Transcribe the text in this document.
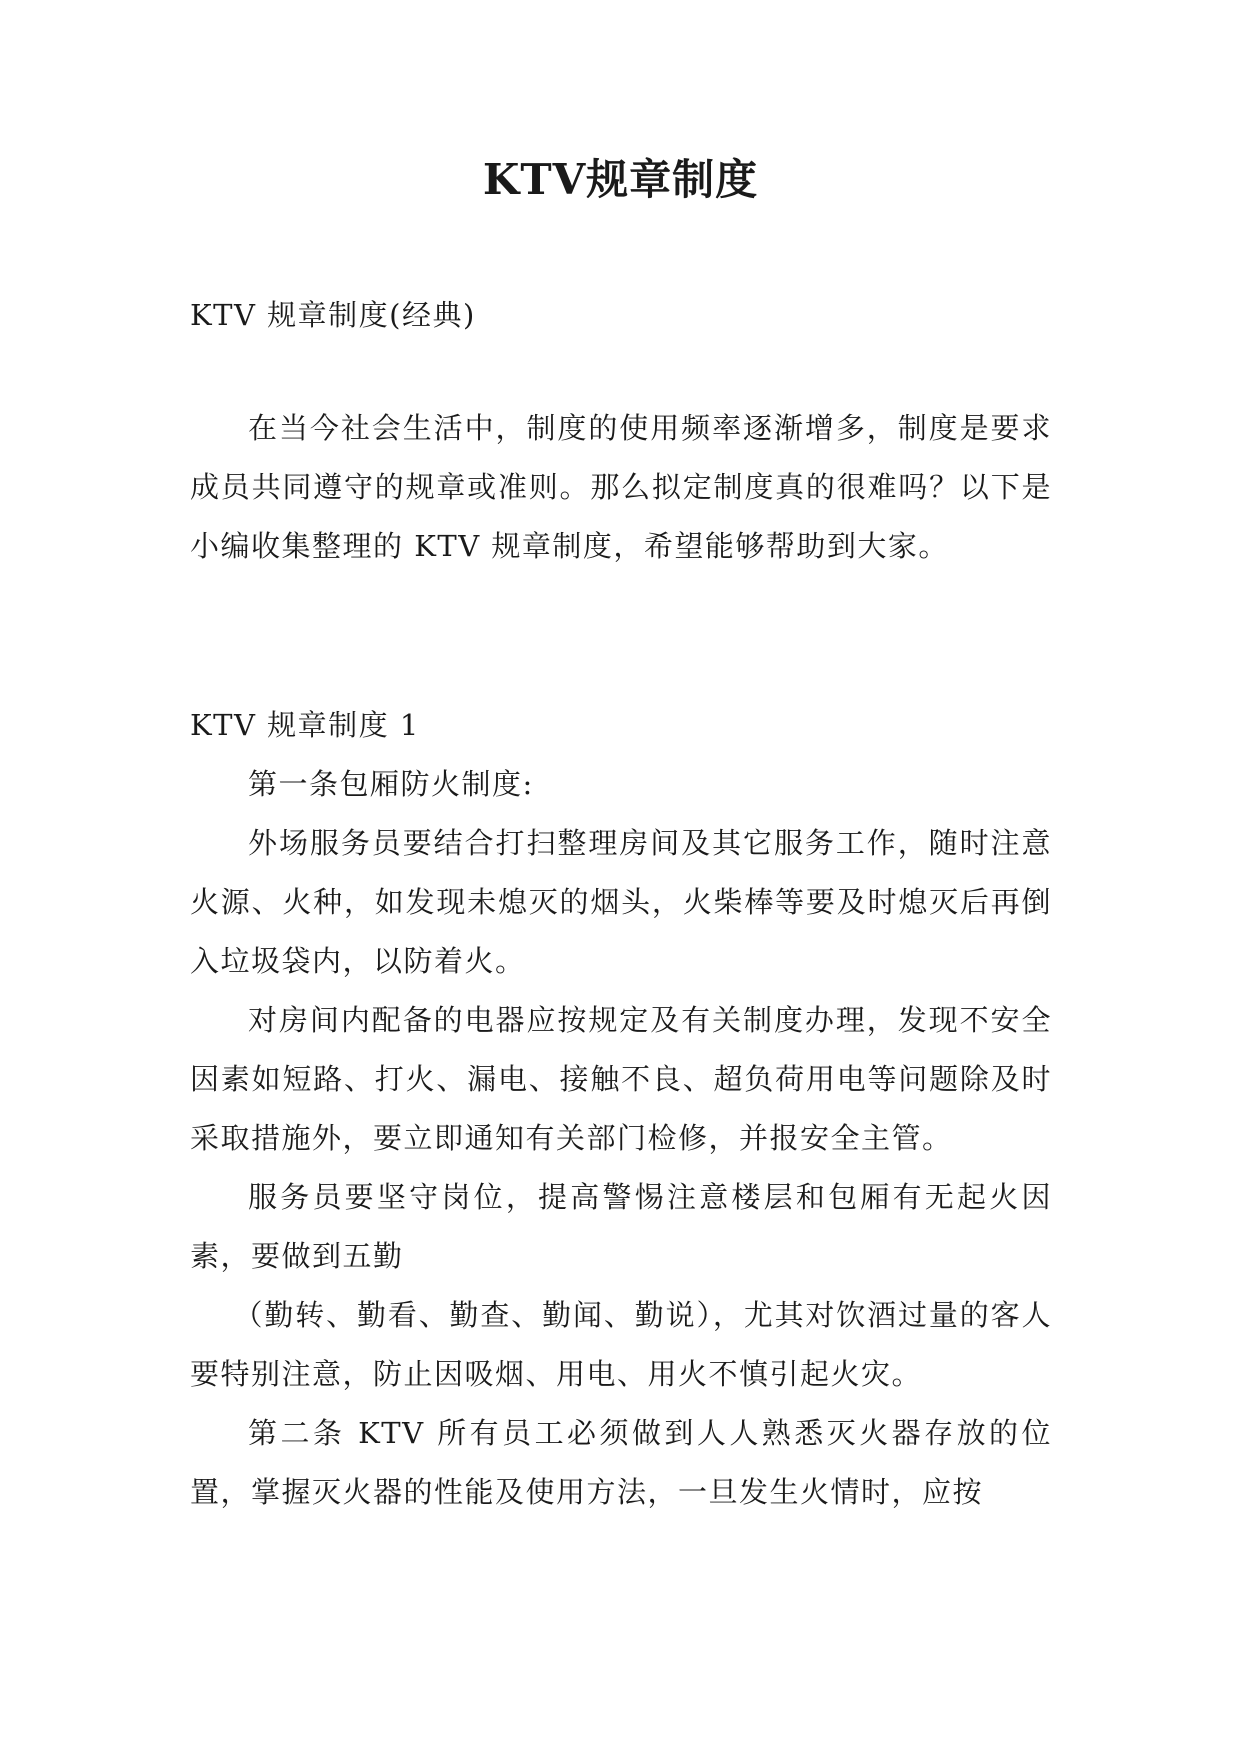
KTV规章制度
KTV 规章制度(经典)

在当今社会生活中，制度的使用频率逐渐增多，制度是要求成员共同遵守的规章或准则。那么拟定制度真的很难吗？以下是小编收集整理的 KTV 规章制度，希望能够帮助到大家。

KTV 规章制度 1

第一条包厢防火制度:

外场服务员要结合打扫整理房间及其它服务工作，随时注意火源、火种，如发现未熄灭的烟头，火柴棒等要及时熄灭后再倒入垃圾袋内，以防着火。

对房间内配备的电器应按规定及有关制度办理，发现不安全因素如短路、打火、漏电、接触不良、超负荷用电等问题除及时采取措施外，要立即通知有关部门检修，并报安全主管。

服务员要坚守岗位，提高警惕注意楼层和包厢有无起火因素，要做到五勤

（勤转、勤看、勤查、勤闻、勤说），尤其对饮酒过量的客人要特别注意，防止因吸烟、用电、用火不慎引起火灾。

第二条 KTV 所有员工必须做到人人熟悉灭火器存放的位置，掌握灭火器的性能及使用方法，一旦发生火情时，应按
